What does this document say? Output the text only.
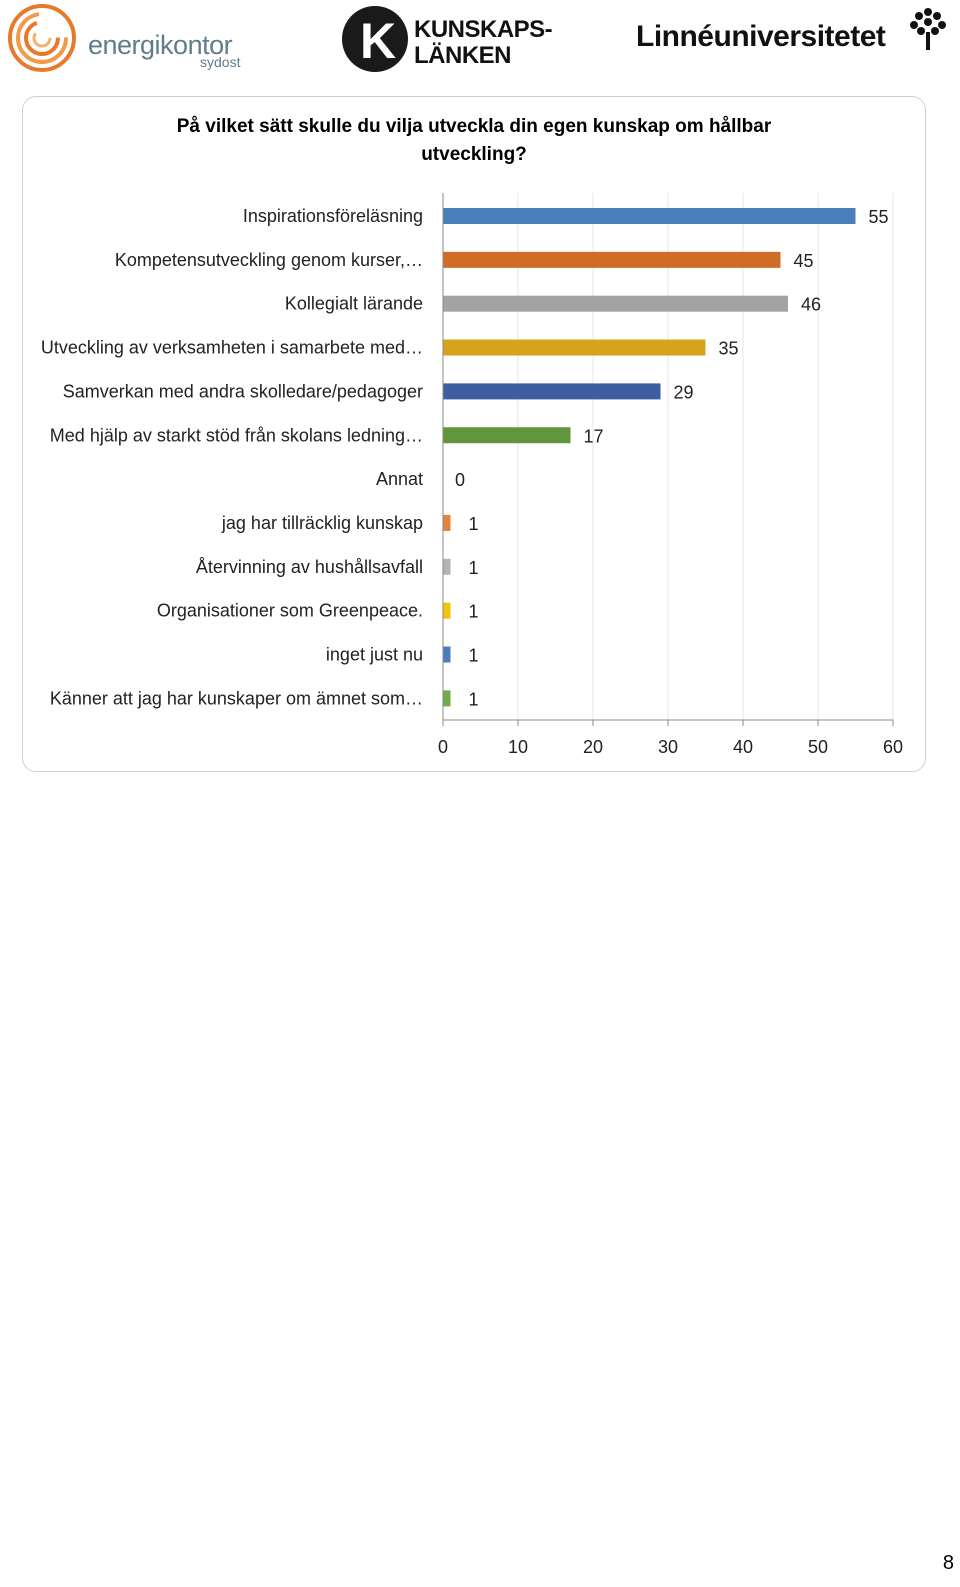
energikontor
sydost K KUNSKAPS-
LÄNKEN
Linnéuniversitetet
På vilket sätt skulle du vilja utveckla din egen kunskap om hållbar
utveckling?
Inspirationsföreläsning	55
Kompetensutveckling genom kurser,…	45
Kollegialt lärande	46
Utveckling av verksamheten i samarbete med…	35
Samverkan med andra skolledare/pedagoger	29
Med hjälp av starkt stöd från skolans ledning…	17
Annat 0
jag har tillräcklig kunskap	1
Återvinning av hushållsavfall	1
Organisationer som Greenpeace.	1
inget just nu	1
Känner att jag har kunskaper om ämnet som…	1
0	10	20	30	40	50	60
8
